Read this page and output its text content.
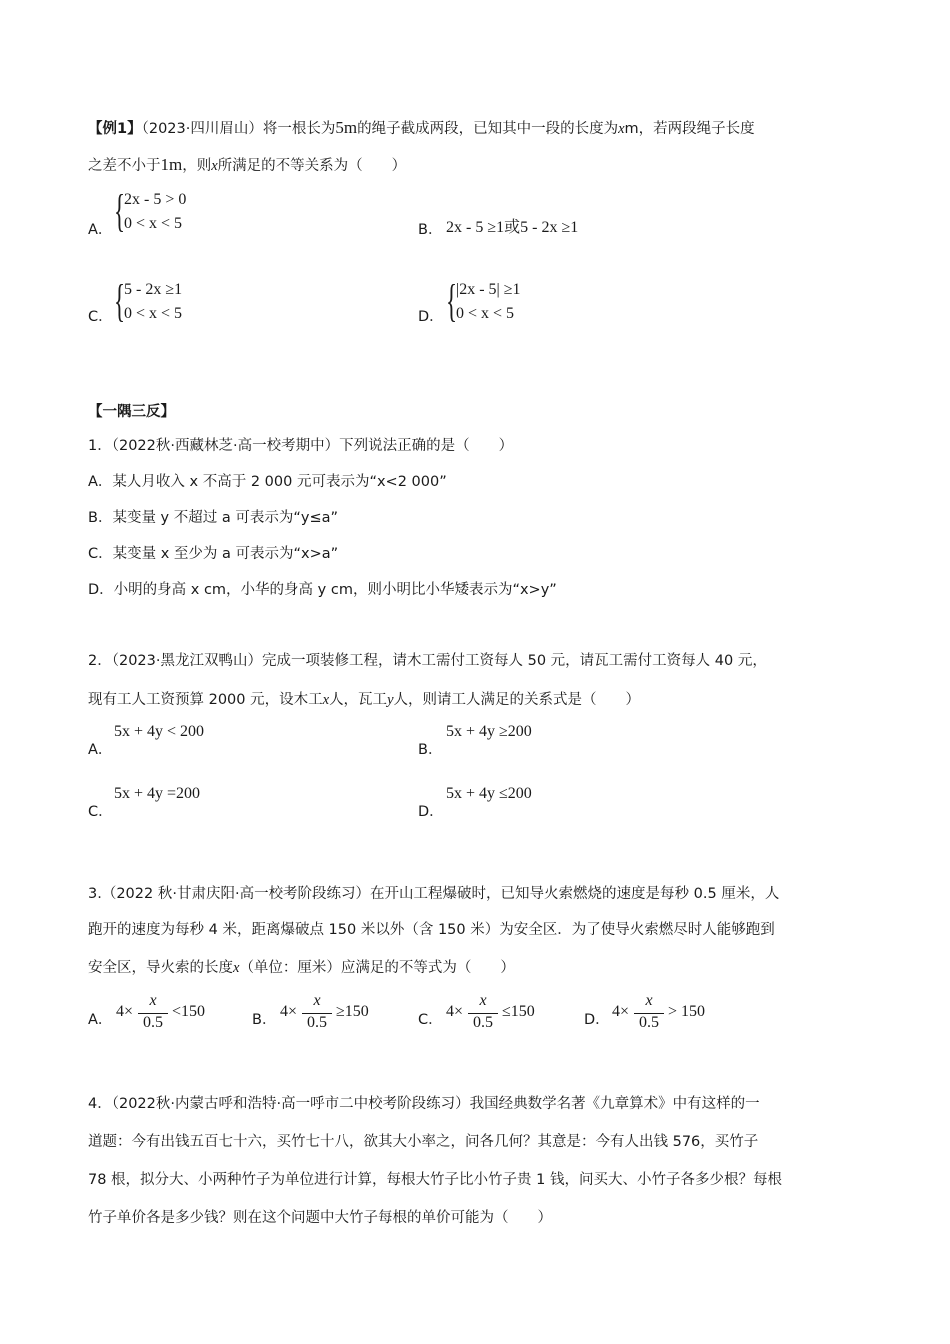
【例1】（2023·四川眉山）将一根长为5m的绳子截成两段，已知其中一段的长度为xm，若两段绳子长度
之差不小于1m，则x所满足的不等关系为（　　）
A． {
2x - 5 > 0
0 < x < 5	B． 2x - 5 ≥1或5 - 2x ≥1
C． {
5 - 2x ≥1
0 < x < 5	D． {
|2x - 5| ≥1
0 < x < 5
【一隅三反】
1．（2022秋·西藏林芝·高一校考期中）下列说法正确的是（　　）
A．某人月收入 x 不高于 2 000 元可表示为“x<2 000”
B．某变量 y 不超过 a 可表示为“y≤a”
C．某变量 x 至少为 a 可表示为“x>a”
D．小明的身高 x cm，小华的身高 y cm，则小明比小华矮表示为“x>y”
2．（2023·黑龙江双鸭山）完成一项装修工程，请木工需付工资每人 50 元，请瓦工需付工资每人 40 元，
现有工人工资预算 2000 元，设木工x人，瓦工y人，则请工人满足的关系式是（　　）
A．
5x + 4y < 200
B．
5x + 4y ≥200
C．
5x + 4y =200
D．
5x + 4y ≤200
3.（2022 秋·甘肃庆阳·高一校考阶段练习）在开山工程爆破时，已知导火索燃烧的速度是每秒 0.5 厘米，人
跑开的速度为每秒 4 米，距离爆破点 150 米以外（含 150 米）为安全区．为了使导火索燃尽时人能够跑到
安全区，导火索的长度x（单位：厘米）应满足的不等式为（　　）
A． 4×
x
0.5
<150	B． 4×
x
0.5
≥150	C． 4×
x
0.5
≤150	D． 4×
x
0.5
> 150
4．（2022秋·内蒙古呼和浩特·高一呼市二中校考阶段练习）我国经典数学名著《九章算术》中有这样的一
道题：今有出钱五百七十六，买竹七十八，欲其大小率之，问各几何？其意是：今有人出钱 576，买竹子
78 根，拟分大、小两种竹子为单位进行计算，每根大竹子比小竹子贵 1 钱，问买大、小竹子各多少根？每根
竹子单价各是多少钱？则在这个问题中大竹子每根的单价可能为（　　）
